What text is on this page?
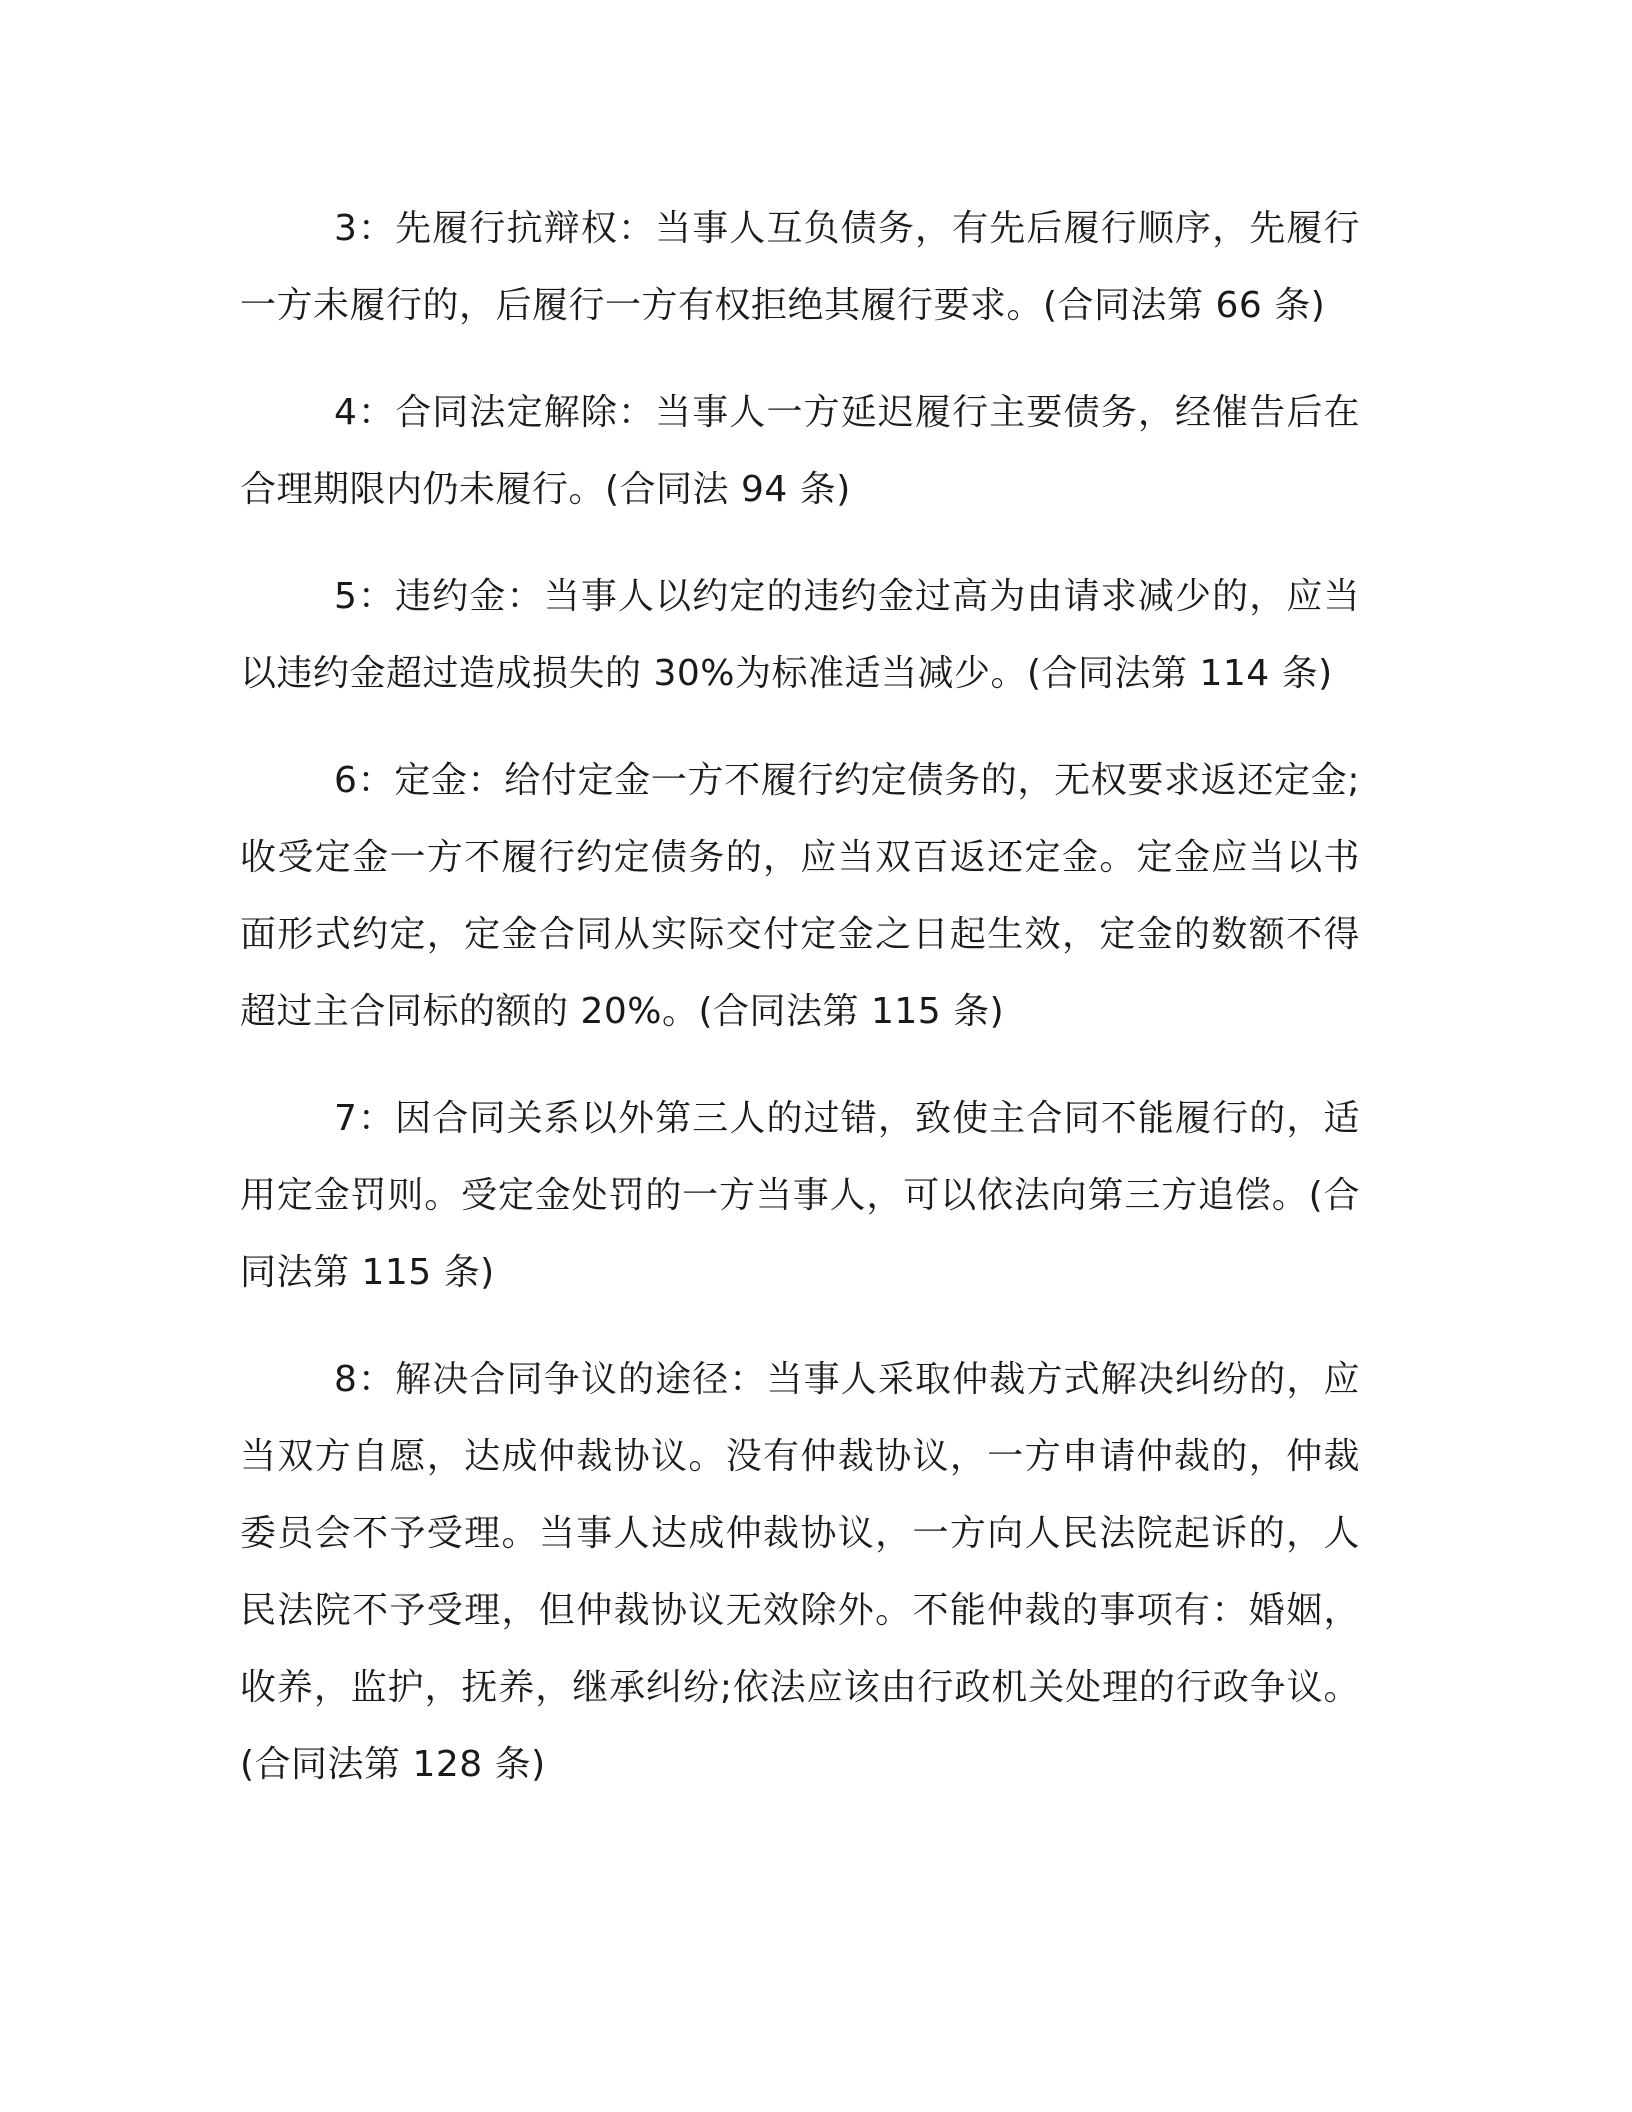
3：先履行抗辩权：当事人互负债务，有先后履行顺序，先履行一方未履行的，后履行一方有权拒绝其履行要求。(合同法第 66 条)

4：合同法定解除：当事人一方延迟履行主要债务，经催告后在合理期限内仍未履行。(合同法 94 条)

5：违约金：当事人以约定的违约金过高为由请求减少的，应当以违约金超过造成损失的 30%为标准适当减少。(合同法第 114 条)

6：定金：给付定金一方不履行约定债务的，无权要求返还定金;收受定金一方不履行约定债务的，应当双百返还定金。定金应当以书面形式约定，定金合同从实际交付定金之日起生效，定金的数额不得超过主合同标的额的 20%。(合同法第 115 条)

7：因合同关系以外第三人的过错，致使主合同不能履行的，适用定金罚则。受定金处罚的一方当事人，可以依法向第三方追偿。(合同法第 115 条)

8：解决合同争议的途径：当事人采取仲裁方式解决纠纷的，应当双方自愿，达成仲裁协议。没有仲裁协议，一方申请仲裁的，仲裁委员会不予受理。当事人达成仲裁协议，一方向人民法院起诉的，人民法院不予受理，但仲裁协议无效除外。不能仲裁的事项有：婚姻，收养，监护，抚养，继承纠纷;依法应该由行政机关处理的行政争议。(合同法第 128 条)
